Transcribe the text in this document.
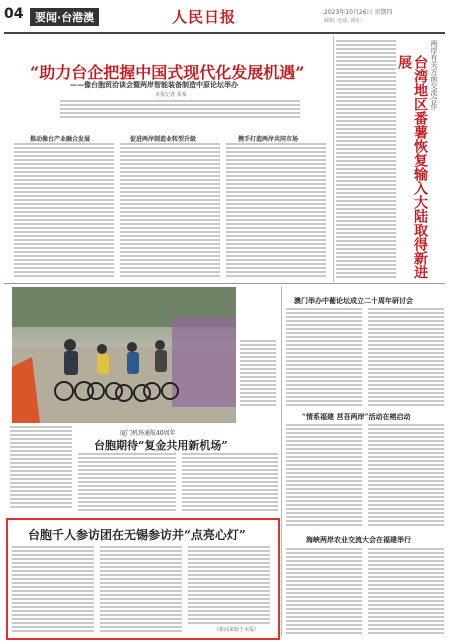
04	要闻·台港澳	人民日报	2023年10月26日 星期四
邮箱: 电话: 网址:
“助力台企把握中国式现代化发展机遇”
——像台胞贸洽谈会暨两岸智能装备制造中原论坛举办
本报记者 某某
推动像台产业融合发展	促进两岸制造业转型升级	携手打造两岸共同市场
两岸有关方面交流合作
台湾地区番薯恢复输入大陆取得新进展
厦门机场通航40周年
台胞期待“复金共用新机场”
澳门举办中葡论坛成立二十周年研讨会
“情系福建 莒吾两岸”活动在榕启动
海峡两岸农业交流大会在福建举行
台胞千人参访团在无锡参访并“点亮心灯”
（新闻来源于本报）
